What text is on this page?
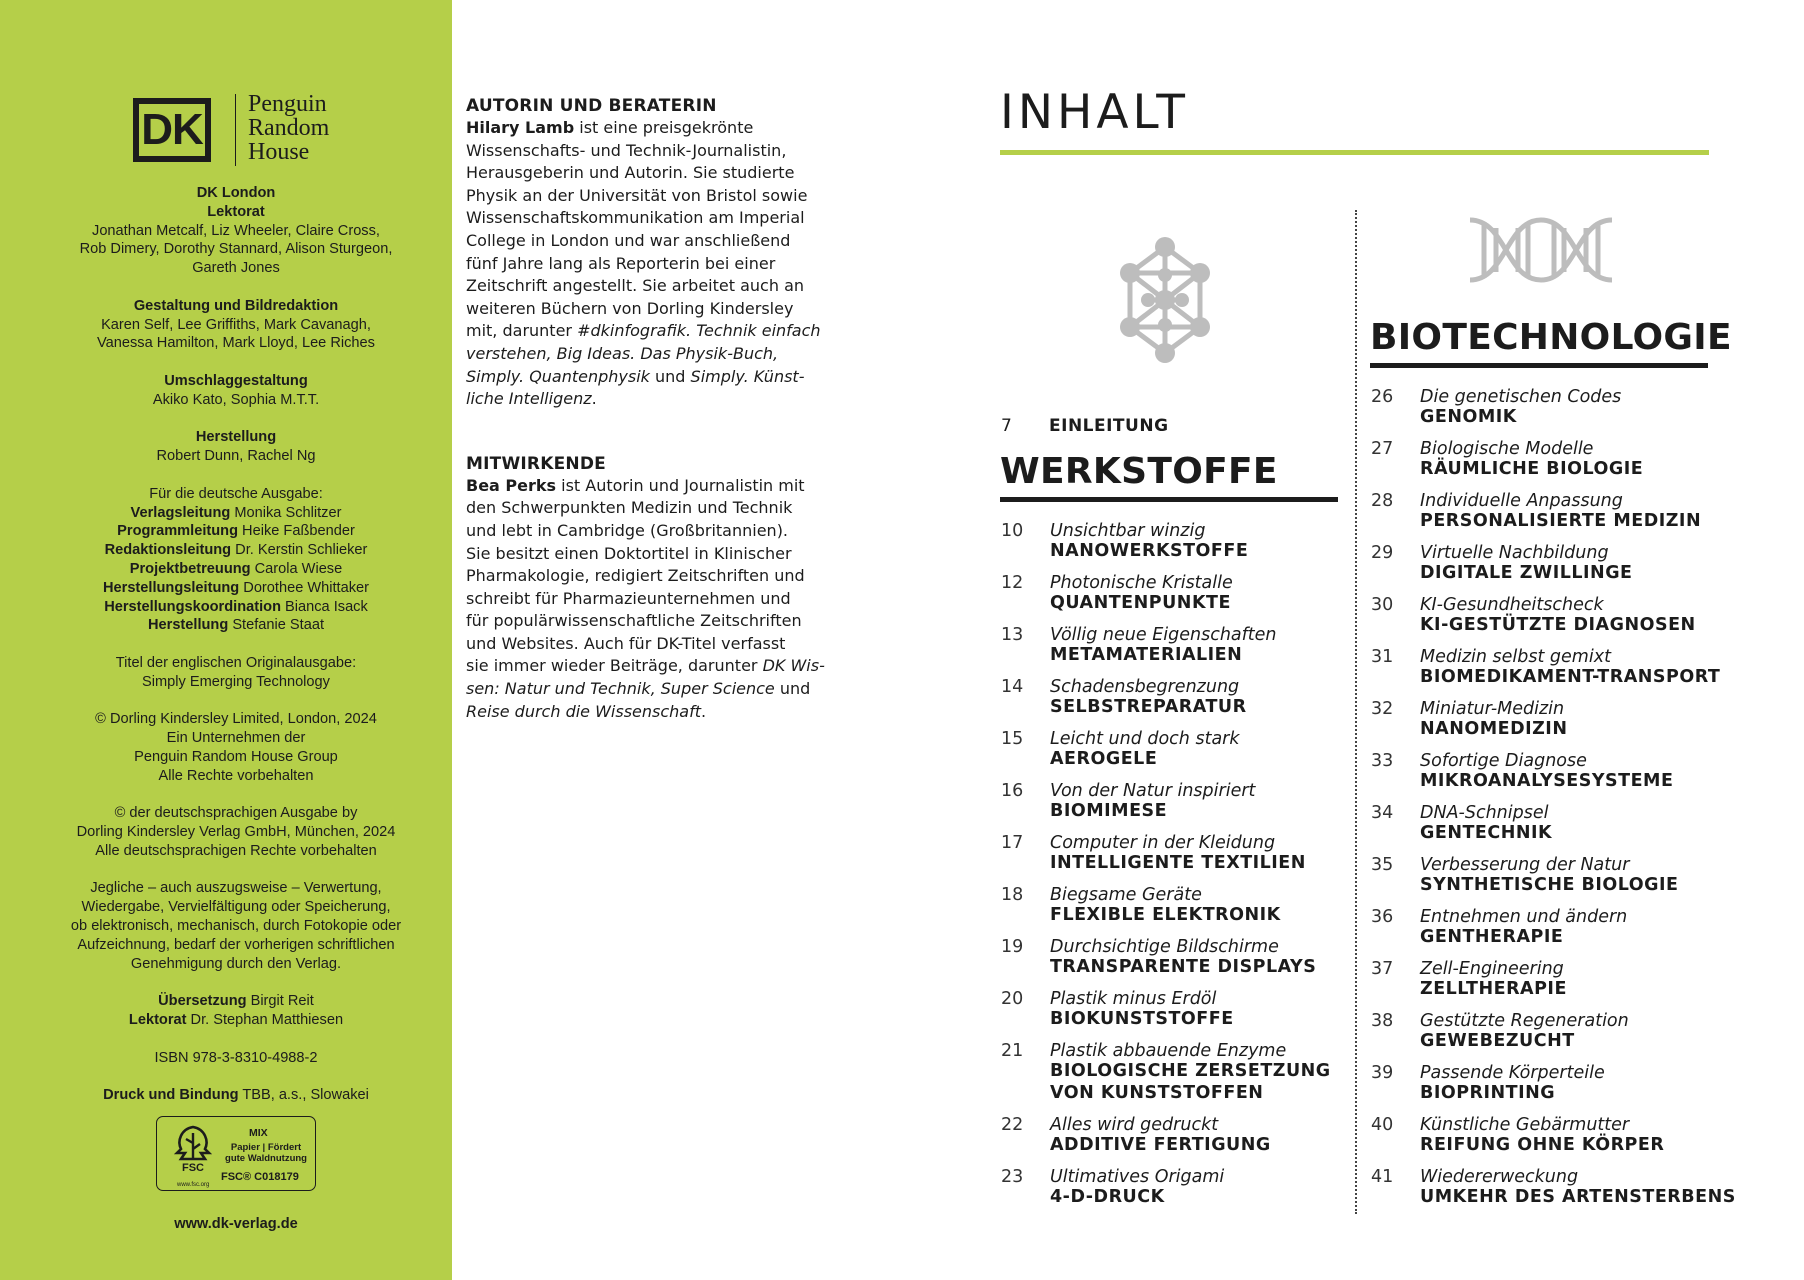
DK
Penguin
Random
House
DK London
Lektorat
Jonathan Metcalf, Liz Wheeler, Claire Cross,
Rob Dimery, Dorothy Stannard, Alison Sturgeon,
Gareth Jones
Gestaltung und Bildredaktion
Karen Self, Lee Griffiths, Mark Cavanagh,
Vanessa Hamilton, Mark Lloyd, Lee Riches
Umschlaggestaltung
Akiko Kato, Sophia M.T.T.
Herstellung
Robert Dunn, Rachel Ng
Für die deutsche Ausgabe:
Verlagsleitung Monika Schlitzer
Programmleitung Heike Faßbender
Redaktionsleitung Dr. Kerstin Schlieker
Projektbetreuung Carola Wiese
Herstellungsleitung Dorothee Whittaker
Herstellungskoordination Bianca Isack
Herstellung Stefanie Staat
Titel der englischen Originalausgabe:
Simply Emerging Technology
© Dorling Kindersley Limited, London, 2024
Ein Unternehmen der
Penguin Random House Group
Alle Rechte vorbehalten
© der deutschsprachigen Ausgabe by
Dorling Kindersley Verlag GmbH, München, 2024
Alle deutschsprachigen Rechte vorbehalten
Jegliche – auch auszugsweise – Verwertung,
Wiedergabe, Vervielfältigung oder Speicherung,
ob elektronisch, mechanisch, durch Fotokopie oder
Aufzeichnung, bedarf der vorherigen schriftlichen
Genehmigung durch den Verlag.
Übersetzung Birgit Reit
Lektorat Dr. Stephan Matthiesen
ISBN 978-3-8310-4988-2
Druck und Bindung TBB, a.s., Slowakei
FSC
MIX
Papier | Fördert
gute Waldnutzung
FSC® C018179
www.fsc.org
www.dk-verlag.de
AUTORIN UND BERATERIN
Hilary Lamb ist eine preisgekrönte
Wissenschafts- und Technik-Journalistin,
Herausgeberin und Autorin. Sie studierte
Physik an der Universität von Bristol sowie
Wissenschaftskommunikation am Imperial
College in London und war anschließend
fünf Jahre lang als Reporterin bei einer
Zeitschrift angestellt. Sie arbeitet auch an
weiteren Büchern von Dorling Kindersley
mit, darunter #dkinfografik. Technik einfach
verstehen, Big Ideas. Das Physik-Buch,
Simply. Quantenphysik und Simply. Künst-
liche Intelligenz.
MITWIRKENDE
Bea Perks ist Autorin und Journalistin mit
den Schwerpunkten Medizin und Technik
und lebt in Cambridge (Großbritannien).
Sie besitzt einen Doktortitel in Klinischer
Pharmakologie, redigiert Zeitschriften und
schreibt für Pharmazieunternehmen und
für populärwissenschaftliche Zeitschriften
und Websites. Auch für DK-Titel verfasst
sie immer wieder Beiträge, darunter DK Wis-
sen: Natur und Technik, Super Science und
Reise durch die Wissenschaft.
INHALT
7 EINLEITUNG
WERKSTOFFE
10 Unsichtbar winzig
NANOWERKSTOFFE
12 Photonische Kristalle
QUANTENPUNKTE
13 Völlig neue Eigenschaften
METAMATERIALIEN
14 Schadensbegrenzung
SELBSTREPARATUR
15 Leicht und doch stark
AEROGELE
16 Von der Natur inspiriert
BIOMIMESE
17 Computer in der Kleidung
INTELLIGENTE TEXTILIEN
18 Biegsame Geräte
FLEXIBLE ELEKTRONIK
19 Durchsichtige Bildschirme
TRANSPARENTE DISPLAYS
20 Plastik minus Erdöl
BIOKUNSTSTOFFE
21 Plastik abbauende Enzyme
BIOLOGISCHE ZERSETZUNG
VON KUNSTSTOFFEN
22 Alles wird gedruckt
ADDITIVE FERTIGUNG
23 Ultimatives Origami
4-D-DRUCK
BIOTECHNOLOGIE
26 Die genetischen Codes
GENOMIK
27 Biologische Modelle
RÄUMLICHE BIOLOGIE
28 Individuelle Anpassung
PERSONALISIERTE MEDIZIN
29 Virtuelle Nachbildung
DIGITALE ZWILLINGE
30 KI-Gesundheitscheck
KI-GESTÜTZTE DIAGNOSEN
31 Medizin selbst gemixt
BIOMEDIKAMENT-TRANSPORT
32 Miniatur-Medizin
NANOMEDIZIN
33 Sofortige Diagnose
MIKROANALYSESYSTEME
34 DNA-Schnipsel
GENTECHNIK
35 Verbesserung der Natur
SYNTHETISCHE BIOLOGIE
36 Entnehmen und ändern
GENTHERAPIE
37 Zell-Engineering
ZELLTHERAPIE
38 Gestützte Regeneration
GEWEBEZUCHT
39 Passende Körperteile
BIOPRINTING
40 Künstliche Gebärmutter
REIFUNG OHNE KÖRPER
41 Wiedererweckung
UMKEHR DES ARTENSTERBENS
